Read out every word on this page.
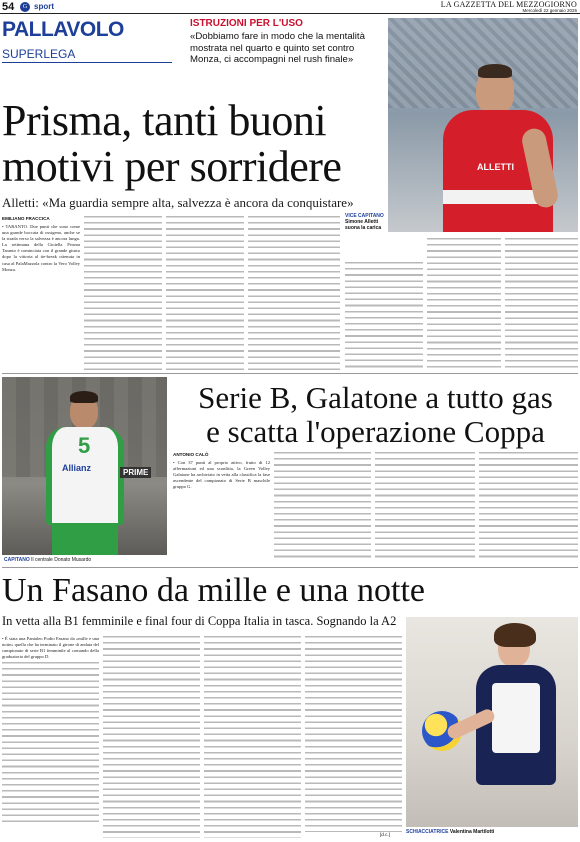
54	G $^{sport}$	LA GAZZETTA DEL MEZZOGIORNO
Mercoledì 22 gennaio 2025
PALLAVOLO
SUPERLEGA
ISTRUZIONI PER L'USO
«Dobbiamo fare in modo che la mentalità mostrata nel quarto e quinto set contro Monza, ci accompagni nel rush finale»
ALLETTI
VICE CAPITANO
Simone Alletti suona la carica
Prisma, tanti buoni
motivi per sorridere
Alletti: «Ma guardia sempre alta, salvezza è ancora da conquistare»
EMILIANO FRACCICA
• TARANTO. Due punti che sono come una grande boccata di ossigeno, anche se la strada verso la salvezza è ancora lunga. La settimana della Gioiella Prisma Taranto è cominciata con il grande giusto dopo la vittoria al tie-break ottenuta in casa al PalaMazzola contro la Vero Volley Monza.
5
Allianz	PRIME
CAPITANO Il centrale Donato Musardo
Serie B, Galatone a tutto gas
e scatta l'operazione Coppa
ANTONIO CALÒ
• Con 37 punti al proprio attivo, frutto di 12 affermazioni ed una sconfitta, la Green Volley Galatone ha archiviato in vetta alla classifica la fase ascendente del campionato di Serie B maschile gruppo G.
Un Fasano da mille e una notte
In vetta alla B1 femminile e final four di Coppa Italia in tasca. Sognando la A2
• È stata una Pantaleo Podio Fasano da «mille e una notte» quella che ha terminato il girone di andata del campionato di serie B1 femminile al comando della graduatoria del gruppo D.
[d.c.]	SCHIACCIATRICE Valentina Martilotti
